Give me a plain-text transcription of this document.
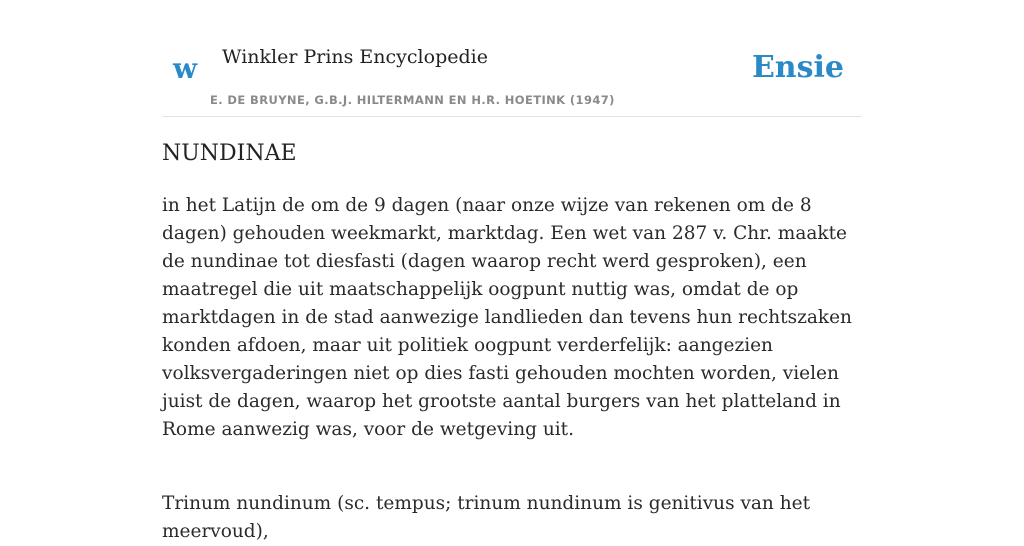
w Winkler Prins Encyclopedie
E. DE BRUYNE, G.B.J. HILTERMANN EN H.R. HOETINK (1947)
Ensie
NUNDINAE

in het Latijn de om de 9 dagen (naar onze wijze van rekenen om de 8 dagen) gehouden weekmarkt, marktdag. Een wet van 287 v. Chr. maakte de nundinae tot diesfasti (dagen waarop recht werd gesproken), een maatregel die uit maatschappelijk oogpunt nuttig was, omdat de op marktdagen in de stad aanwezige landlieden dan tevens hun rechtszaken konden afdoen, maar uit politiek oogpunt verderfelijk: aangezien volksvergaderingen niet op dies fasti gehouden mochten worden, vielen juist de dagen, waarop het grootste aantal burgers van het platteland in Rome aanwezig was, voor de wetgeving uit.

Trinum nundinum (sc. tempus; trinum nundinum is genitivus van het meervoud),
